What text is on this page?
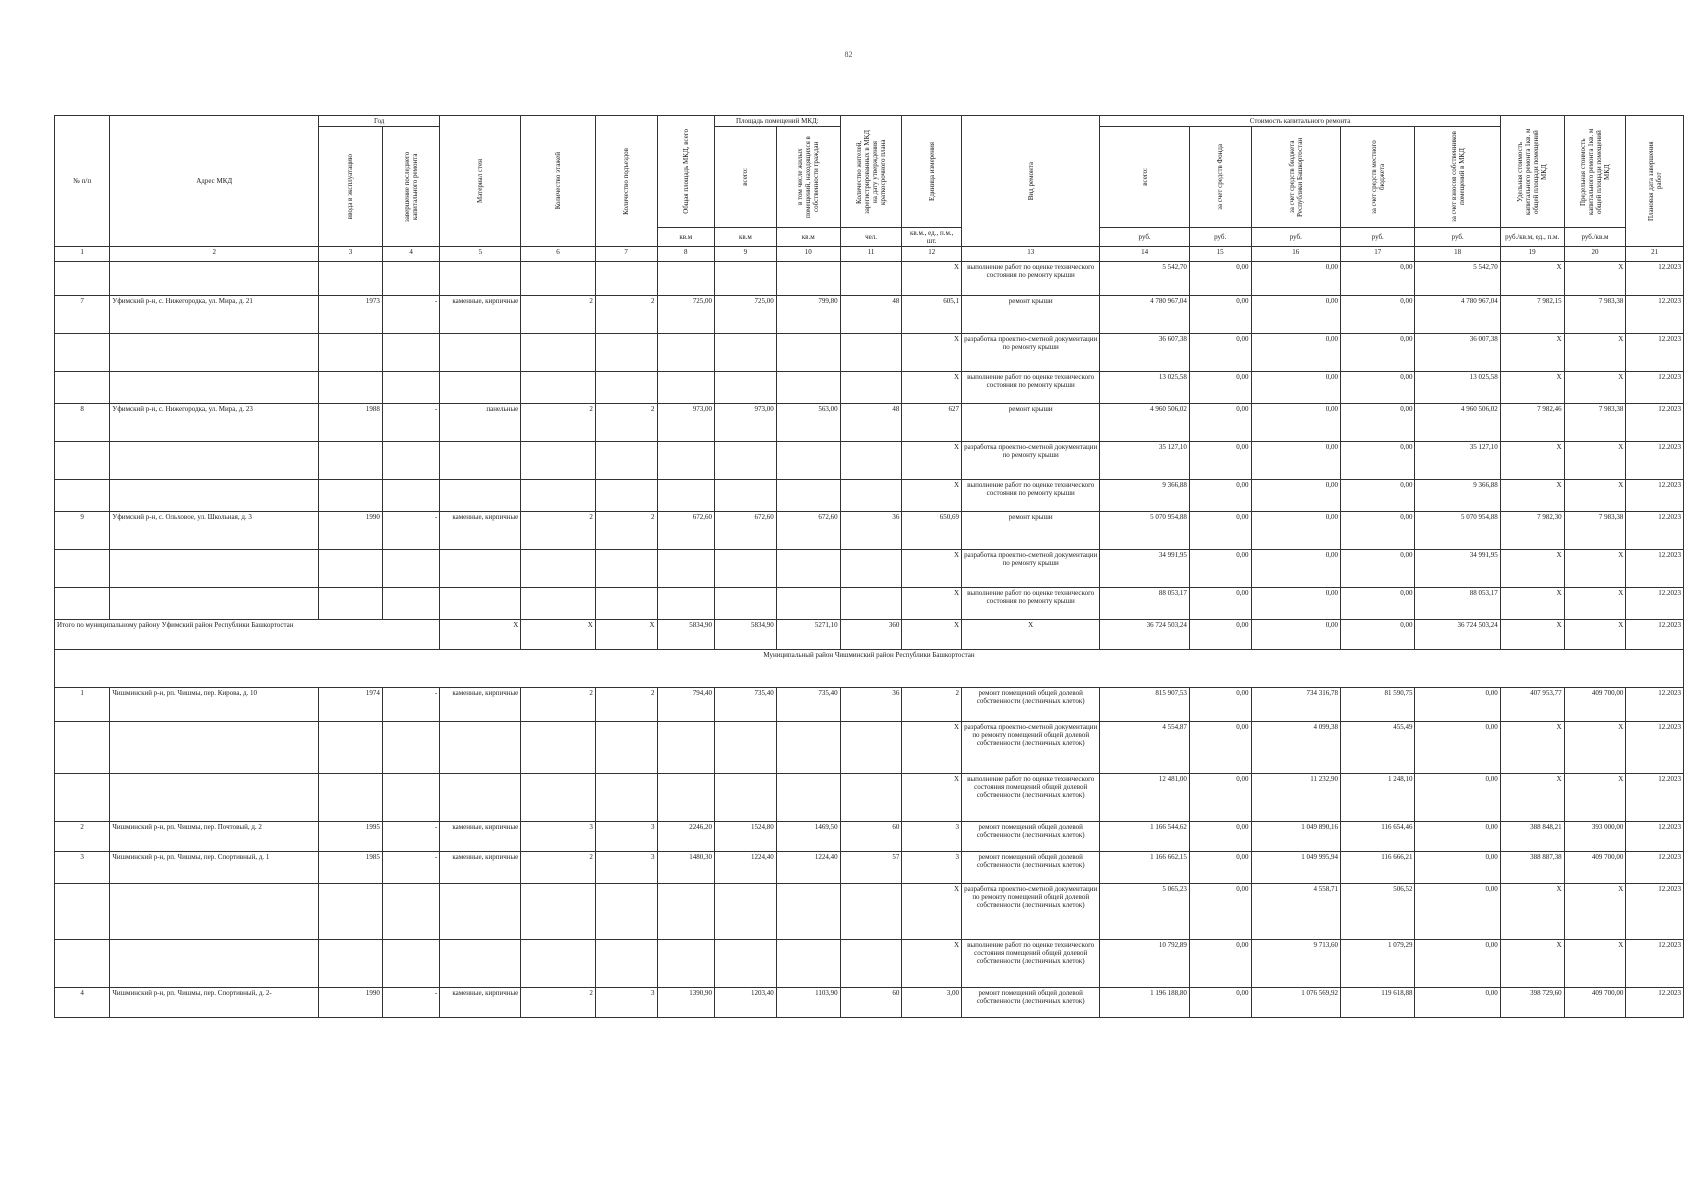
82
№ п/п	Адрес МКД	Год		Материал стен	Количество этажей	Количество подъездов	Общая площадь МКД, всего	Площадь помещений МКД:		Количество жителей, зарегистрированных в МКД на дату утверждения краткосрочного плана	Единица измерения	Вид ремонта	Стоимость капитального ремонта					Удельная стоимость капитального ремонта 1кв. м общей площади помещений МКД	Предельная стоимость капитального ремонта 1кв. м общей площади помещений МКД	Плановая дата завершения работ

		ввода в эксплуатацию	завершение последнего капитального ремонта					всего:	в том числе жилых помещений, находящихся в собственности граждан				всего:	за счет средств Фонда	за счет средств бюджета Республики Башкортостан	за счет средств местного бюджета	за счет взносов собственников помещений в МКД			

							кв.м	кв.м	кв.м	чел.	кв.м., ед., п.м., шт.		руб.	руб.	руб.	руб.	руб.	руб./кв.м, ед., п.м.	руб./кв.м	
1	2	3	4	5	6	7	8	9	10	11	12	13	14	15	16	17	18	19	20	21
											X	выполнение работ по оценке технического состояния по ремонту крыши	5 542,70	0,00	0,00	0,00	5 542,70	X	X	12.2023
7	Уфимский р-н, с. Нижегородка, ул. Мира, д. 21	1973	-	каменные, кирпичные	2	2	725,00	725,00	799,80	48	605,1	ремонт крыши	4 780 967,04	0,00	0,00	0,00	4 780 967,04	7 982,15	7 983,38	12.2023
											X	разработка проектно-сметной документации по ремонту крыши	36 607,38	0,00	0,00	0,00	36 007,38	X	X	12.2023
											X	выполнение работ по оценке технического состояния по ремонту крыши	13 025,58	0,00	0,00	0,00	13 025,58	X	X	12.2023
8	Уфимский р-н, с. Нижегородка, ул. Мира, д. 23	1988	-	панельные	2	2	973,00	973,00	563,00	48	627	ремонт крыши	4 960 506,02	0,00	0,00	0,00	4 960 506,02	7 982,46	7 983,38	12.2023
											X	разработка проектно-сметной документации по ремонту крыши	35 127,10	0,00	0,00	0,00	35 127,10	X	X	12.2023
											X	выполнение работ по оценке технического состояния по ремонту крыши	9 366,88	0,00	0,00	0,00	9 366,88	X	X	12.2023
9	Уфимский р-н, с. Ольховое, ул. Школьная, д. 3	1990	-	каменные, кирпичные	2	2	672,60	672,60	672,60	36	650,69	ремонт крыши	5 070 954,88	0,00	0,00	0,00	5 070 954,88	7 982,30	7 983,38	12.2023
											X	разработка проектно-сметной документации по ремонту крыши	34 991,95	0,00	0,00	0,00	34 991,95	X	X	12.2023
											X	выполнение работ по оценке технического состояния по ремонту крыши	88 053,17	0,00	0,00	0,00	88 053,17	X	X	12.2023
Итого по муниципальному району Уфимский район Республики Башкортостан				X	X	X	5834,90	5834,90	5271,10	360	X	X	36 724 503,24	0,00	0,00	0,00	36 724 503,24	X	X	12.2023
Муниципальный район Чишминский район Республики Башкортостан																				
1	Чишминский р-н, рп. Чишмы, пер. Кирова, д. 10	1974	-	каменные, кирпичные	2	2	794,40	735,40	735,40	36	2	ремонт помещений общей долевой собственности (лестничных клеток)	815 907,53	0,00	734 316,78	81 590,75	0,00	407 953,77	409 700,00	12.2023
											X	разработка проектно-сметной документации по ремонту помещений общей долевой собственности (лестничных клеток)	4 554,87	0,00	4 099,38	455,49	0,00	X	X	12.2023
											X	выполнение работ по оценке технического состояния помещений общей долевой собственности (лестничных клеток)	12 481,00	0,00	11 232,90	1 248,10	0,00	X	X	12.2023
2	Чишминский р-н, рп. Чишмы, пер. Почтовый, д. 2	1995	-	каменные, кирпичные	3	3	2246,20	1524,80	1469,50	60	3	ремонт помещений общей долевой собственности (лестничных клеток)	1 166 544,62	0,00	1 049 890,16	116 654,46	0,00	388 848,21	393 000,00	12.2023
3	Чишминский р-н, рп. Чишмы, пер. Спортивный, д. 1	1985	-	каменные, кирпичные	2	3	1480,30	1224,40	1224,40	57	3	ремонт помещений общей долевой собственности (лестничных клеток)	1 166 662,15	0,00	1 049 995,94	116 666,21	0,00	388 887,38	409 700,00	12.2023
											X	разработка проектно-сметной документации по ремонту помещений общей долевой собственности (лестничных клеток)	5 065,23	0,00	4 558,71	506,52	0,00	X	X	12.2023
											X	выполнение работ по оценке технического состояния помещений общей долевой собственности (лестничных клеток)	10 792,89	0,00	9 713,60	1 079,29	0,00	X	X	12.2023
4	Чишминский р-н, рп. Чишмы, пер. Спортивный, д. 2-	1990	-	каменные, кирпичные	2	3	1390,90	1203,40	1103,90	60	3,00	ремонт помещений общей долевой собственности (лестничных клеток)	1 196 188,80	0,00	1 076 569,92	119 618,88	0,00	398 729,60	409 700,00	12.2023
